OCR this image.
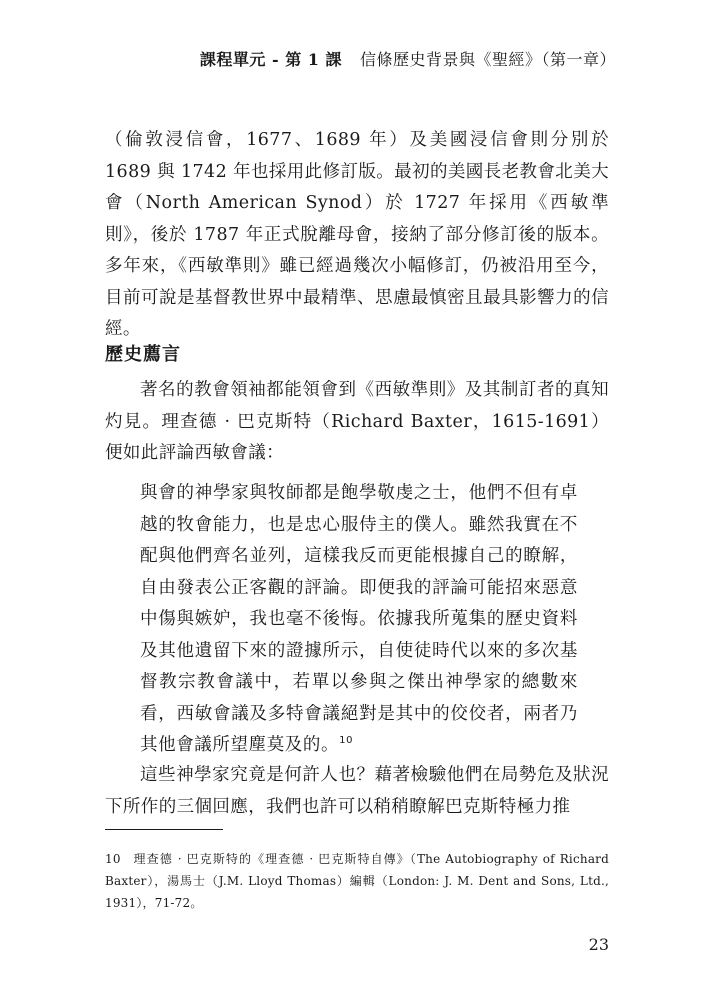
課程單元 - 第 1 課 信條歷史背景與《聖經》（第一章）
（倫敦浸信會，1677、1689 年）及美國浸信會則分別於 1689 與 1742 年也採用此修訂版。最初的美國長老教會北美大會（North American Synod）於 1727 年採用《西敏準則》，後於 1787 年正式脫離母會，接納了部分修訂後的版本。多年來，《西敏準則》雖已經過幾次小幅修訂，仍被沿用至今，目前可說是基督教世界中最精準、思慮最慎密且最具影響力的信經。
歷史薦言
著名的教會領袖都能領會到《西敏準則》及其制訂者的真知灼見。理查德 · 巴克斯特（Richard Baxter，1615-1691）便如此評論西敏會議：
與會的神學家與牧師都是飽學敬虔之士，他們不但有卓越的牧會能力，也是忠心服侍主的僕人。雖然我實在不配與他們齊名並列，這樣我反而更能根據自己的瞭解，自由發表公正客觀的評論。即便我的評論可能招來惡意中傷與嫉妒，我也毫不後悔。依據我所蒐集的歷史資料及其他遺留下來的證據所示，自使徒時代以來的多次基督教宗教會議中，若單以參與之傑出神學家的總數來看，西敏會議及多特會議絕對是其中的佼佼者，兩者乃其他會議所望塵莫及的。$^{10}$
這些神學家究竟是何許人也？藉著檢驗他們在局勢危及狀況下所作的三個回應，我們也許可以稍稍瞭解巴克斯特極力推
10 理查德 · 巴克斯特的《理查德 · 巴克斯特自傳》（The Autobiography of Richard Baxter），湯馬士（J.M. Lloyd Thomas）編輯（London: J. M. Dent and Sons, Ltd., 1931），71-72。
23
